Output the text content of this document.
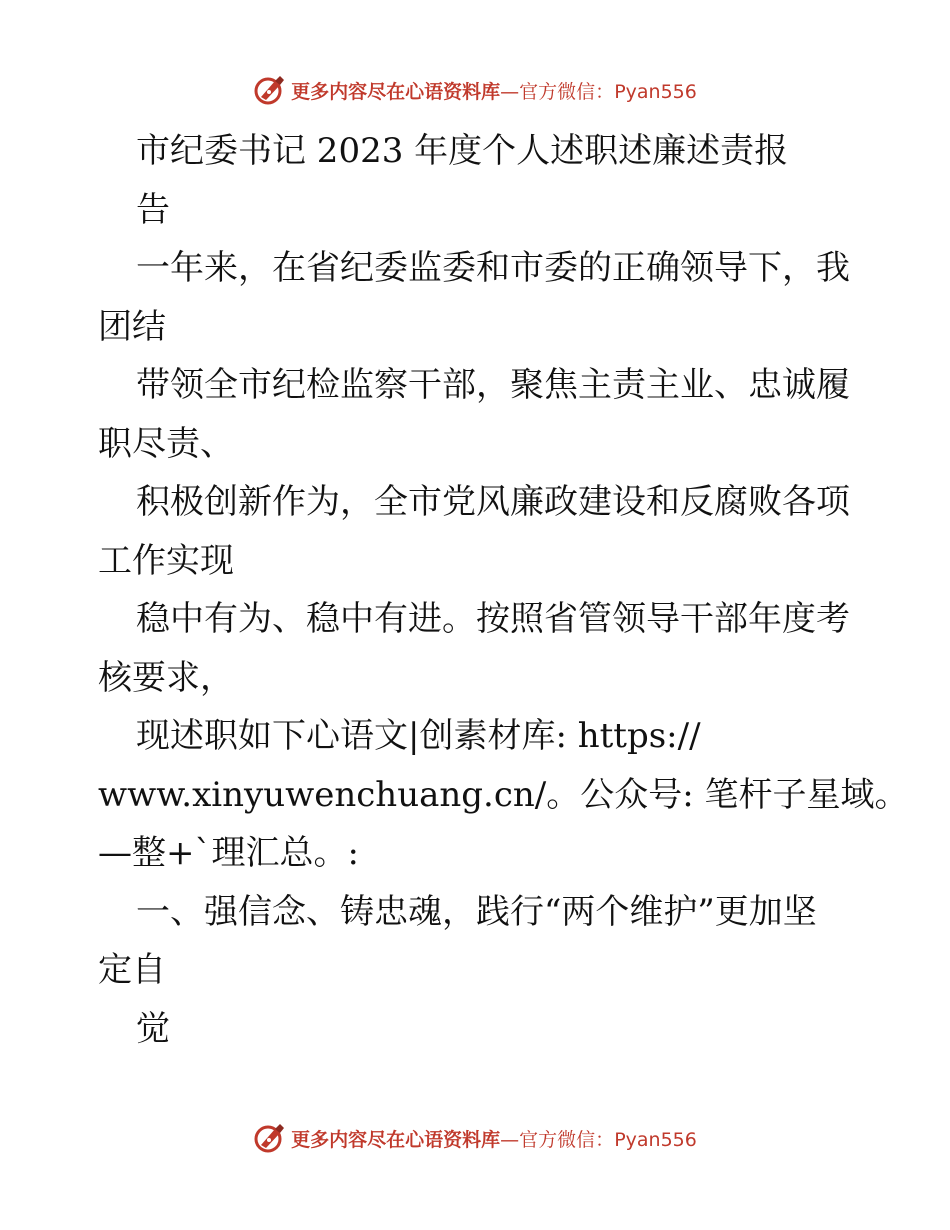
更多内容尽在心语资料库—官方微信：Pyan556
市纪委书记 2023 年度个人述职述廉述责报
告
一年来，在省纪委监委和市委的正确领导下，我
团结
带领全市纪检监察干部，聚焦主责主业、忠诚履
职尽责、
积极创新作为，全市党风廉政建设和反腐败各项
工作实现
稳中有为、稳中有进。按照省管领导干部年度考
核要求，
现述职如下心语文|创素材库: https://
www.xinyuwenchuang.cn/。公众号: 笔杆子星域。
—整+`理汇总。:
一、强信念、铸忠魂，践行“两个维护”更加坚
定自
觉
更多内容尽在心语资料库—官方微信：Pyan556
